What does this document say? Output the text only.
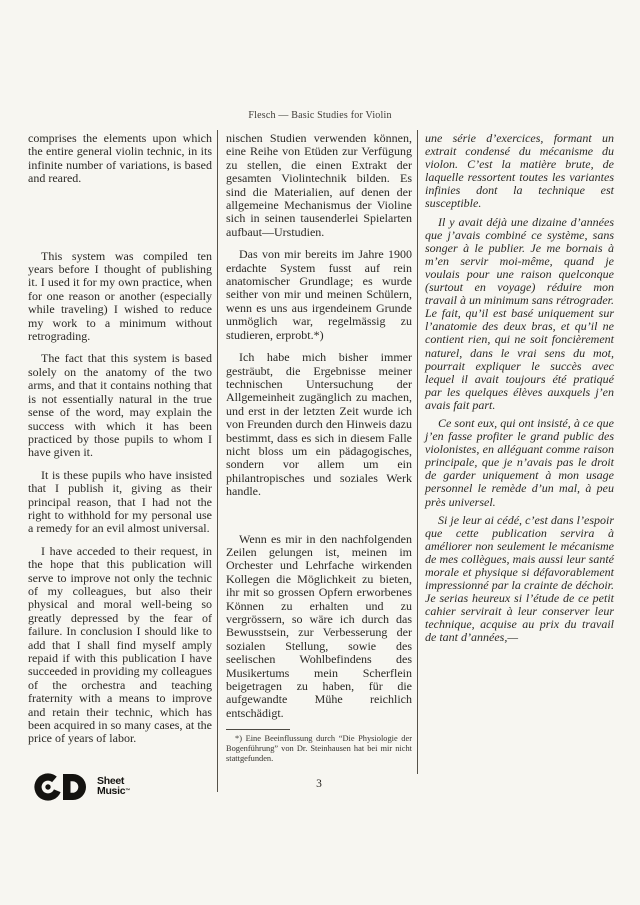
Flesch — Basic Studies for Violin

comprises the elements upon which the entire general violin technic, in its infinite number of variations, is based and reared.

This system was compiled ten years before I thought of publishing it. I used it for my own practice, when for one reason or another (especially while traveling) I wished to reduce my work to a minimum without retrograding.

The fact that this system is based solely on the anatomy of the two arms, and that it contains nothing that is not essentially natural in the true sense of the word, may explain the success with which it has been practiced by those pupils to whom I have given it.

It is these pupils who have insisted that I publish it, giving as their principal reason, that I had not the right to withhold for my personal use a remedy for an evil almost universal.

I have acceded to their request, in the hope that this publication will serve to improve not only the technic of my colleagues, but also their physical and moral well-being so greatly depressed by the fear of failure. In conclusion I should like to add that I shall find myself amply repaid if with this publication I have succeeded in providing my colleagues of the orchestra and teaching fraternity with a means to improve and retain their technic, which has been acquired in so many cases, at the price of years of labor.

nischen Studien verwenden können, eine Reihe von Etüden zur Verfügung zu stellen, die einen Extrakt der gesamten Violintechnik bilden. Es sind die Materialien, auf denen der allgemeine Mechanismus der Violine sich in seinen tausenderlei Spielarten aufbaut—Urstudien.

Das von mir bereits im Jahre 1900 erdachte System fusst auf rein anatomischer Grundlage; es wurde seither von mir und meinen Schülern, wenn es uns aus irgendeinem Grunde unmöglich war, regelmässig zu studieren, erprobt.*)

Ich habe mich bisher immer gesträubt, die Ergebnisse meiner technischen Untersuchung der Allgemeinheit zugänglich zu machen, und erst in der letzten Zeit wurde ich von Freunden durch den Hinweis dazu bestimmt, dass es sich in diesem Falle nicht bloss um ein pädagogisches, sondern vor allem um ein philantropisches und soziales Werk handle.

Wenn es mir in den nachfolgenden Zeilen gelungen ist, meinen im Orchester und Lehrfache wirkenden Kollegen die Möglichkeit zu bieten, ihr mit so grossen Opfern erworbenes Können zu erhalten und zu vergrössern, so wäre ich durch das Bewusstsein, zur Verbesserung der sozialen Stellung, sowie des seelischen Wohlbefindens des Musikertums mein Scherflein beigetragen zu haben, für die aufgewandte Mühe reichlich entschädigt.

*) Eine Beeinflussung durch “Die Physiologie der Bogenführung” von Dr. Steinhausen hat bei mir nicht stattgefunden.

une série d’exercices, formant un extrait condensé du mécanisme du violon. C’est la matière brute, de laquelle ressortent toutes les variantes infinies dont la technique est susceptible.

Il y avait déjà une dizaine d’années que j’avais combiné ce système, sans songer à le publier. Je me bornais à m’en servir moi-même, quand je voulais pour une raison quelconque (surtout en voyage) réduire mon travail à un minimum sans rétrograder. Le fait, qu’il est basé uniquement sur l’anatomie des deux bras, et qu’il ne contient rien, qui ne soit foncièrement naturel, dans le vrai sens du mot, pourrait expliquer le succès avec lequel il avait toujours été pratiqué par les quelques élèves auxquels j’en avais fait part.

Ce sont eux, qui ont insisté, à ce que j’en fasse profiter le grand public des violonistes, en alléguant comme raison principale, que je n’avais pas le droit de garder uniquement à mon usage personnel le remède d’un mal, à peu près universel.

Si je leur ai cédé, c’est dans l’espoir que cette publication servira à améliorer non seulement le mécanisme de mes collègues, mais aussi leur santé morale et physique si défavorablement impressionné par la crainte de déchoir. Je serias heureux si l’étude de ce petit cahier servirait à leur conserver leur technique, acquise au prix du travail de tant d’années,—

3
Sheet
Music™
